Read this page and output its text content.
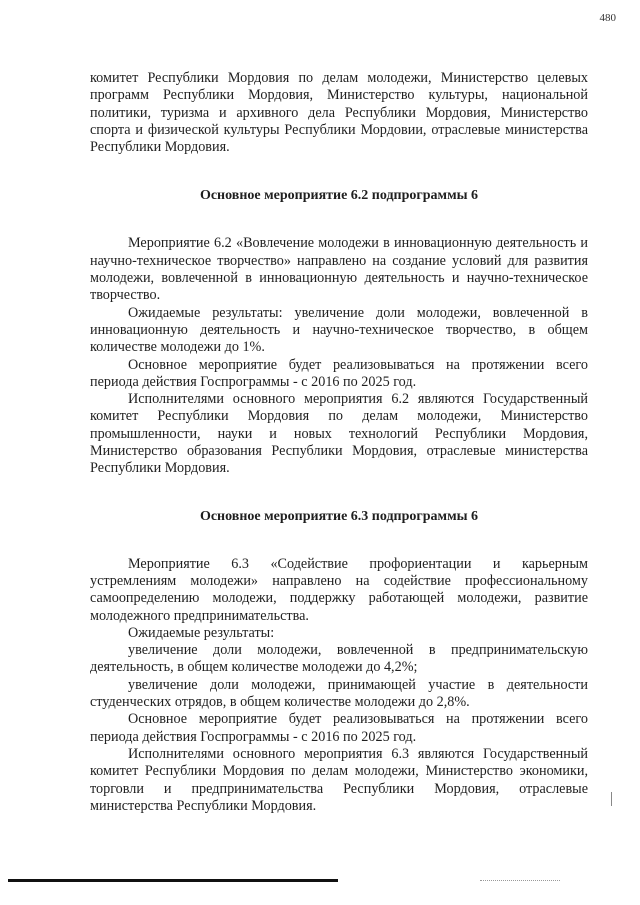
480

комитет Республики Мордовия по делам молодежи, Министерство целевых программ Республики Мордовия, Министерство культуры, национальной политики, туризма и архивного дела Республики Мордовия, Министерство спорта и физической культуры Республики Мордовии, отраслевые министерства Республики Мордовия.

Основное мероприятие 6.2 подпрограммы 6

Мероприятие 6.2 «Вовлечение молодежи в инновационную деятельность и научно-техническое творчество» направлено на создание условий для развития молодежи, вовлеченной в инновационную деятельность и научно-техническое творчество.

Ожидаемые результаты: увеличение доли молодежи, вовлеченной в инновационную деятельность и научно-техническое творчество, в общем количестве молодежи до 1%.

Основное мероприятие будет реализовываться на протяжении всего периода действия Госпрограммы - с 2016 по 2025 год.

Исполнителями основного мероприятия 6.2 являются Государственный комитет Республики Мордовия по делам молодежи, Министерство промышленности, науки и новых технологий Республики Мордовия, Министерство образования Республики Мордовия, отраслевые министерства Республики Мордовия.

Основное мероприятие 6.3 подпрограммы 6

Мероприятие 6.3 «Содействие профориентации и карьерным устремлениям молодежи» направлено на содействие профессиональному самоопределению молодежи, поддержку работающей молодежи, развитие молодежного предпринимательства.

Ожидаемые результаты:

увеличение доли молодежи, вовлеченной в предпринимательскую деятельность, в общем количестве молодежи до 4,2%;

увеличение доли молодежи, принимающей участие в деятельности студенческих отрядов, в общем количестве молодежи до 2,8%.

Основное мероприятие будет реализовываться на протяжении всего периода действия Госпрограммы - с 2016 по 2025 год.

Исполнителями основного мероприятия 6.3 являются Государственный комитет Республики Мордовия по делам молодежи, Министерство экономики, торговли и предпринимательства Республики Мордовия, отраслевые министерства Республики Мордовия.
